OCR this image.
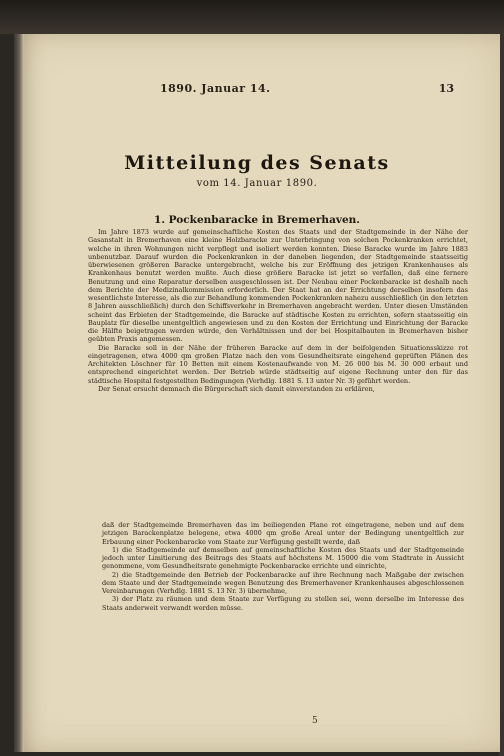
1890. Januar 14.	13
Mitteilung des Senats
vom 14. Januar 1890.
1. Pockenbaracke in Bremerhaven.

Im Jahre 1873 wurde auf gemeinschaftliche Kosten des Staats und der Stadtgemeinde in der Nähe der Gasanstalt in Bremerhaven eine kleine Holzbaracke zur Unterbringung von solchen Pockenkranken errichtet, welche in ihren Wohnungen nicht verpflegt und isoliert werden konnten. Diese Baracke wurde im Jahre 1883 unbenutzbar. Darauf wurden die Pockenkranken in der daneben liegenden, der Stadtgemeinde staatsseitig überwiesenen größeren Baracke untergebracht, welche bis zur Eröffnung des jetzigen Krankenhauses als Krankenhaus benutzt werden mußte. Auch diese größere Baracke ist jetzt so verfallen, daß eine fernere Benutzung und eine Reparatur derselben ausgeschlossen ist. Der Neubau einer Pockenbaracke ist deshalb nach dem Berichte der Medizinalkommission erforderlich. Der Staat hat an der Errichtung derselben insofern das wesentlichste Interesse, als die zur Behandlung kommenden Pockenkranken nahezu ausschließlich (in den letzten 8 Jahren ausschließlich) durch den Schiffsverkehr in Bremerhaven angebracht werden. Unter diesen Umständen scheint das Erbieten der Stadtgemeinde, die Baracke auf städtische Kosten zu errichten, sofern staatsseitig ein Bauplatz für dieselbe unentgeltlich angewiesen und zu den Kosten der Errichtung und Einrichtung der Baracke die Hälfte beigetragen werden würde, den Verhältnissen und der bei Hospitalbauten in Bremerhaven bisher geübten Praxis angemessen.

Die Baracke soll in der Nähe der früheren Baracke auf dem in der beifolgenden Situationsskizze rot eingetragenen, etwa 4000 qm großen Platze nach den vom Gesundheitsrate eingehend geprüften Plänen des Architekten Löschner für 10 Betten mit einem Kostenaufwande von M. 26 000 bis M. 30 000 erbaut und entsprechend eingerichtet werden. Der Betrieb würde städtseitig auf eigene Rechnung unter den für das städtische Hospital festgestellten Bedingungen (Verhdlg. 1881 S. 13 unter Nr. 3) geführt werden.

Der Senat ersucht demnach die Bürgerschaft sich damit einverstanden zu erklären,

daß der Stadtgemeinde Bremerhaven das im beiliegenden Plane rot eingetragene, neben und auf dem jetzigen Barackenplatze belegene, etwa 4000 qm große Areal unter der Bedingung unentgeltlich zur Erbauung einer Pockenbaracke vom Staate zur Verfügung gestellt werde, daß

1) die Stadtgemeinde auf demselben auf gemeinschaftliche Kosten des Staats und der Stadtgemeinde jedoch unter Limitierung des Beitrags des Staats auf höchstens M. 15000 die vom Stadtrate in Aussicht genommene, vom Gesundheitsrate genehmigte Pockenbaracke errichte und einrichte,

2) die Stadtgemeinde den Betrieb der Pockenbaracke auf ihre Rechnung nach Maßgabe der zwischen dem Staate und der Stadtgemeinde wegen Benutzung des Bremerhavener Krankenhauses abgeschlossenen Vereinbarungen (Verhdlg. 1881 S. 13 Nr. 3) übernehme,

3) der Platz zu räumen und dem Staate zur Verfügung zu stellen sei, wenn derselbe im Interesse des Staats anderweit verwandt werden müsse.

5
